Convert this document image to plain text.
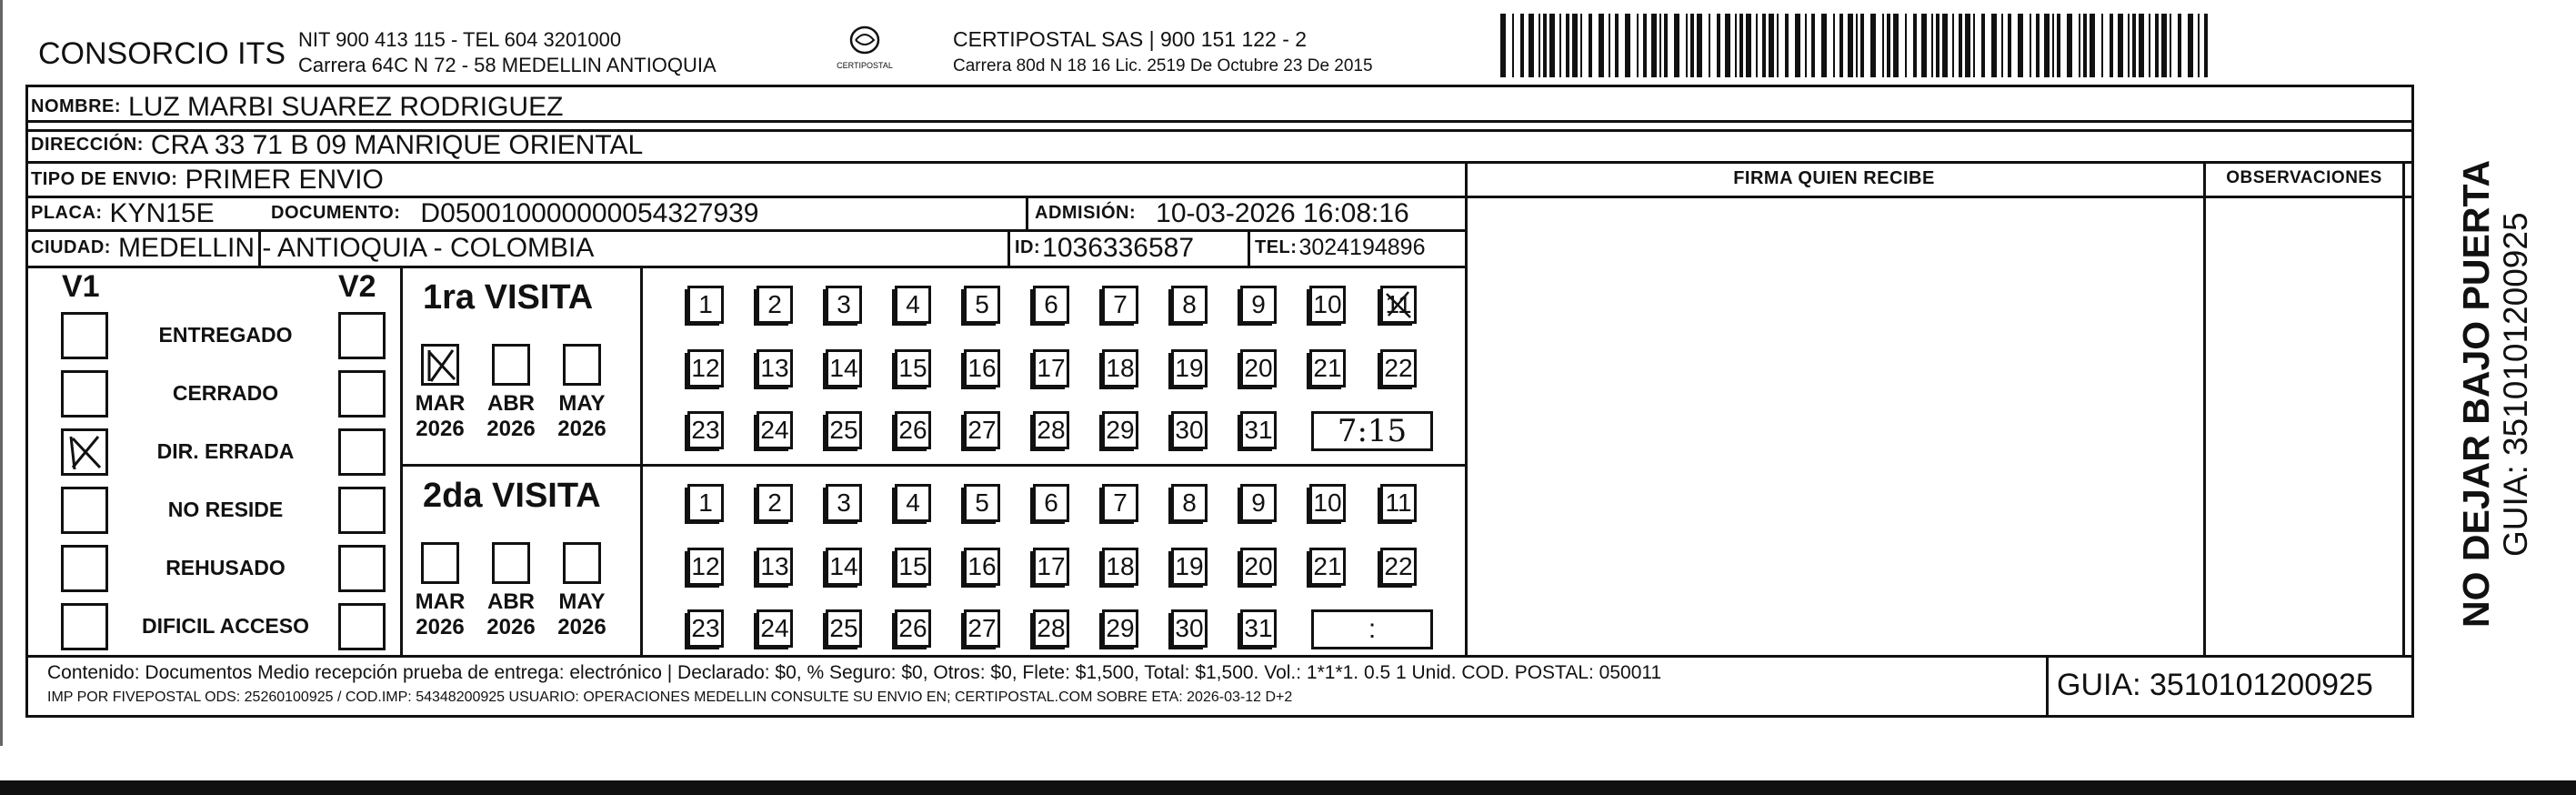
CONSORCIO ITS NIT 900 413 115 - TEL 604 3201000
Carrera 64C N 72 - 58 MEDELLIN ANTIOQUIA	CERTIPOSTAL
CERTIPOSTAL SAS | 900 151 122 - 2
Carrera 80d N 18 16 Lic. 2519 De Octubre 23 De 2015
NOMBRE: LUZ MARBI SUAREZ RODRIGUEZ
DIRECCIÓN: CRA 33 71 B 09 MANRIQUE ORIENTAL
TIPO DE ENVIO: PRIMER ENVIO
PLACA: KYN15E	DOCUMENTO: D050010000000054327939	ADMISIÓN: 10-03-2026 16:08:16
CIUDAD: MEDELLIN - ANTIOQUIA - COLOMBIA	ID: 1036336587	TEL: 3024194896
FIRMA QUIEN RECIBE	OBSERVACIONES
V1	V2
ENTREGADO
CERRADO
DIR. ERRADA
NO RESIDE
REHUSADO
DIFICIL ACCESO
1ra VISITA
MAR
2026
ABR
2026
MAY
2026
1 2 3 4 5 6 7 8 9 10 11
12 13 14 15 16 17 18 19 20 21 22
23 24 25 26 27 28 29 30 31	7:15
2da VISITA
MAR
2026
ABR
2026
MAY
2026
1 2 3 4 5 6 7 8 9 10 11
12 13 14 15 16 17 18 19 20 21 22
23 24 25 26 27 28 29 30 31	:
Contenido: Documentos Medio recepción prueba de entrega: electrónico | Declarado: $0, % Seguro: $0, Otros: $0, Flete: $1,500, Total: $1,500. Vol.: 1*1*1. 0.5 1 Unid. COD. POSTAL: 050011
IMP POR FIVEPOSTAL ODS: 25260100925 / COD.IMP: 54348200925 USUARIO: OPERACIONES MEDELLIN CONSULTE SU ENVIO EN; CERTIPOSTAL.COM SOBRE ETA: 2026-03-12 D+2	GUIA: 3510101200925
NO DEJAR BAJO PUERTA GUIA: 3510101200925
